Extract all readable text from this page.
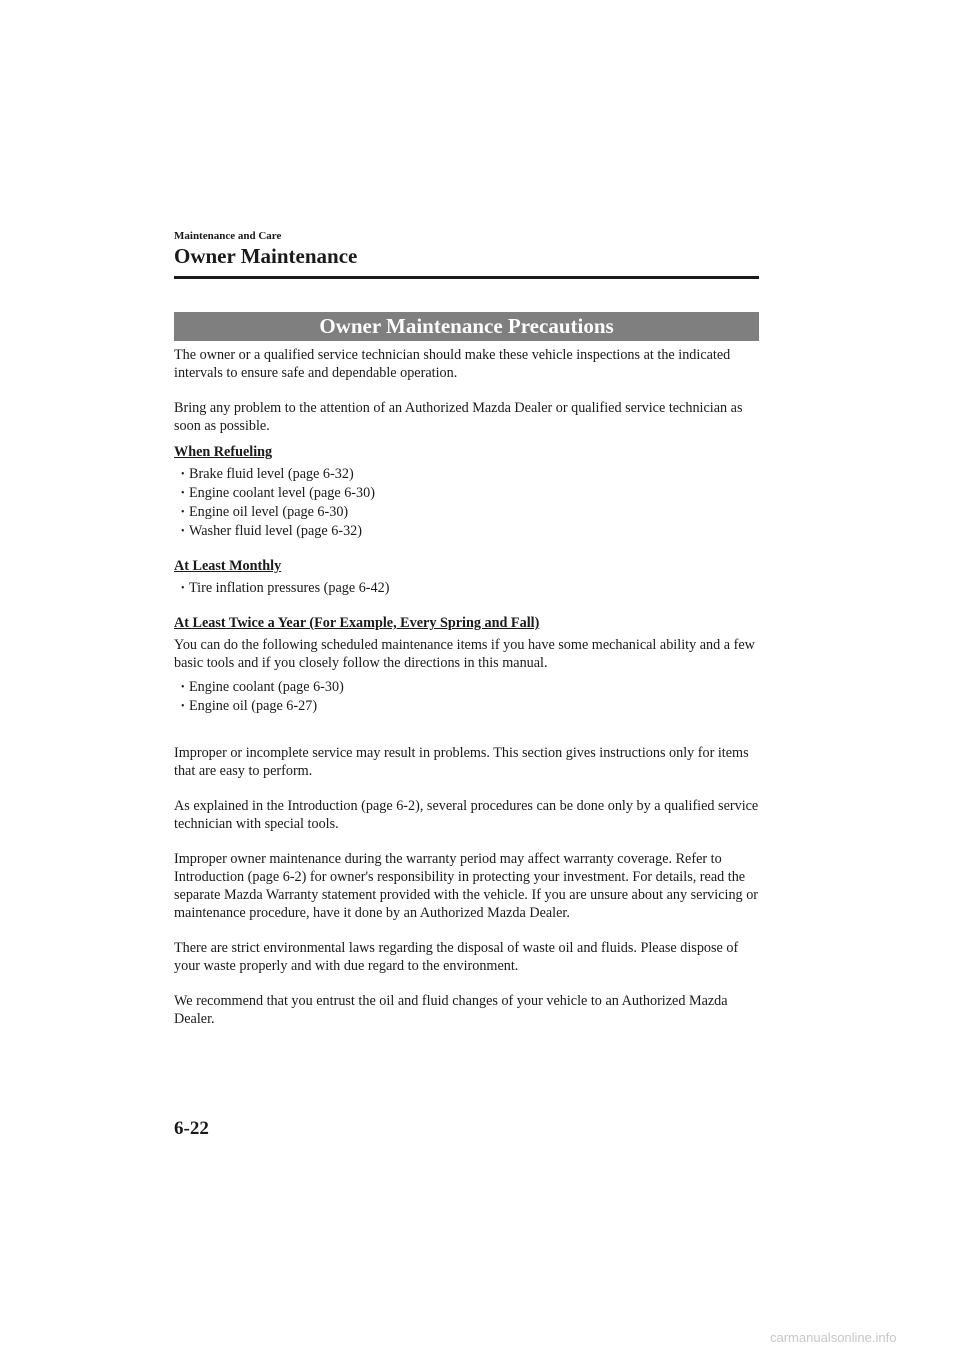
Maintenance and Care
Owner Maintenance
Owner Maintenance Precautions

The owner or a qualified service technician should make these vehicle inspections at the indicated intervals to ensure safe and dependable operation.

Bring any problem to the attention of an Authorized Mazda Dealer or qualified service technician as soon as possible.

When Refueling
• Brake fluid level (page 6-32)
• Engine coolant level (page 6-30)
• Engine oil level (page 6-30)
• Washer fluid level (page 6-32)
At Least Monthly
• Tire inflation pressures (page 6-42)
At Least Twice a Year (For Example, Every Spring and Fall)

You can do the following scheduled maintenance items if you have some mechanical ability and a few basic tools and if you closely follow the directions in this manual.

• Engine coolant (page 6-30)
• Engine oil (page 6-27)

Improper or incomplete service may result in problems. This section gives instructions only for items that are easy to perform.

As explained in the Introduction (page 6-2), several procedures can be done only by a qualified service technician with special tools.

Improper owner maintenance during the warranty period may affect warranty coverage. Refer to Introduction (page 6-2) for owner's responsibility in protecting your investment. For details, read the separate Mazda Warranty statement provided with the vehicle. If you are unsure about any servicing or maintenance procedure, have it done by an Authorized Mazda Dealer.

There are strict environmental laws regarding the disposal of waste oil and fluids. Please dispose of your waste properly and with due regard to the environment.

We recommend that you entrust the oil and fluid changes of your vehicle to an Authorized Mazda Dealer.

6-22
carmanualsonline.info
